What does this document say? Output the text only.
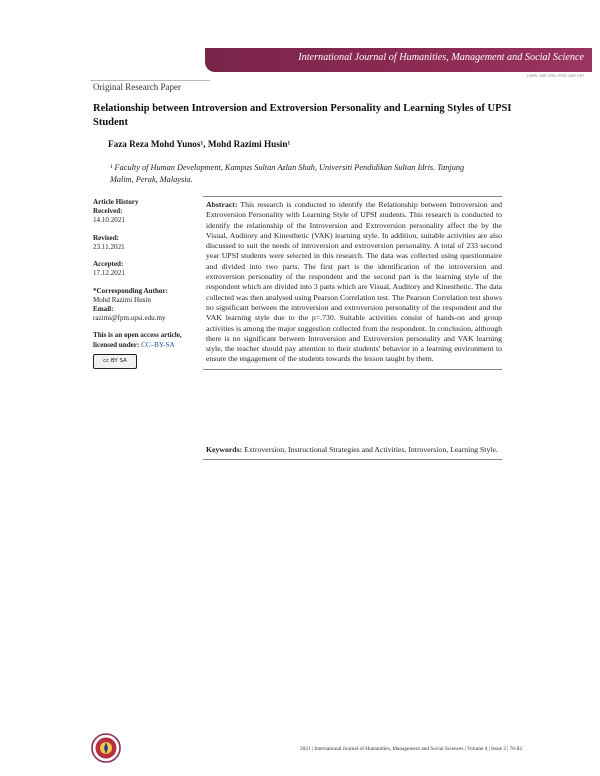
International Journal of Humanities, Management and Social Science
p-ISSN: 2685-1598, e-ISSN: 2685-1993
Original Research Paper
Relationship between Introversion and Extroversion Personality and Learning Styles of UPSI Student
Faza Reza Mohd Yunos¹, Mohd Razimi Husin¹
¹ Faculty of Human Development, Kampus Sultan Azlan Shah, Universiti Pendidikan Sultan Idris. Tanjung Malim, Perak, Malaysia.
Article History
Received:
14.10.2021
Revised:
23.11.2021
Accepted:
17.12.2021
*Corresponding Author:
Mohd Razimi Husin
Email:
razimi@fpm.upsi.edu.my
This is an open access article,
licensed under: CC–BY-SA
cc BY SA

Abstract: This research is conducted to identify the Relationship between Introversion and Extroversion Personality with Learning Style of UPSI students. This research is conducted to identify the relationship of the Introversion and Extroversion personality affect the by the Visual, Auditory and Kinesthetic (VAK) learning style. In addition, suitable activities are also discussed to suit the needs of introversion and extroversion personality. A total of 233 second year UPSI students were selected in this research. The data was collected using questionnaire and divided into two parts. The first part is the identification of the introversion and extroversion personality of the respondent and the second part is the learning style of the respondent which are divided into 3 parts which are Visual, Auditory and Kinesthetic. The data collected was then analysed using Pearson Correlation test. The Pearson Correlation test shows no significant between the introversion and extroversion personality of the respondent and the VAK learning style due to the p=.730. Suitable activities consist of hands-on and group activities is among the major suggestion collected from the respondent. In conclusion, although there is no significant between Introversion and Extroversion personality and VAK learning style, the teacher should pay attention to their students' behavior in a learning environment to ensure the engagement of the students towards the lesson taught by them.

Keywords: Extroversion, Instructional Strategies and Activities, Introversion, Learning Style.
2021 | International Journal of Humanities, Management and Social Sciences | Volume 4 | Issue 2 | 76-82
